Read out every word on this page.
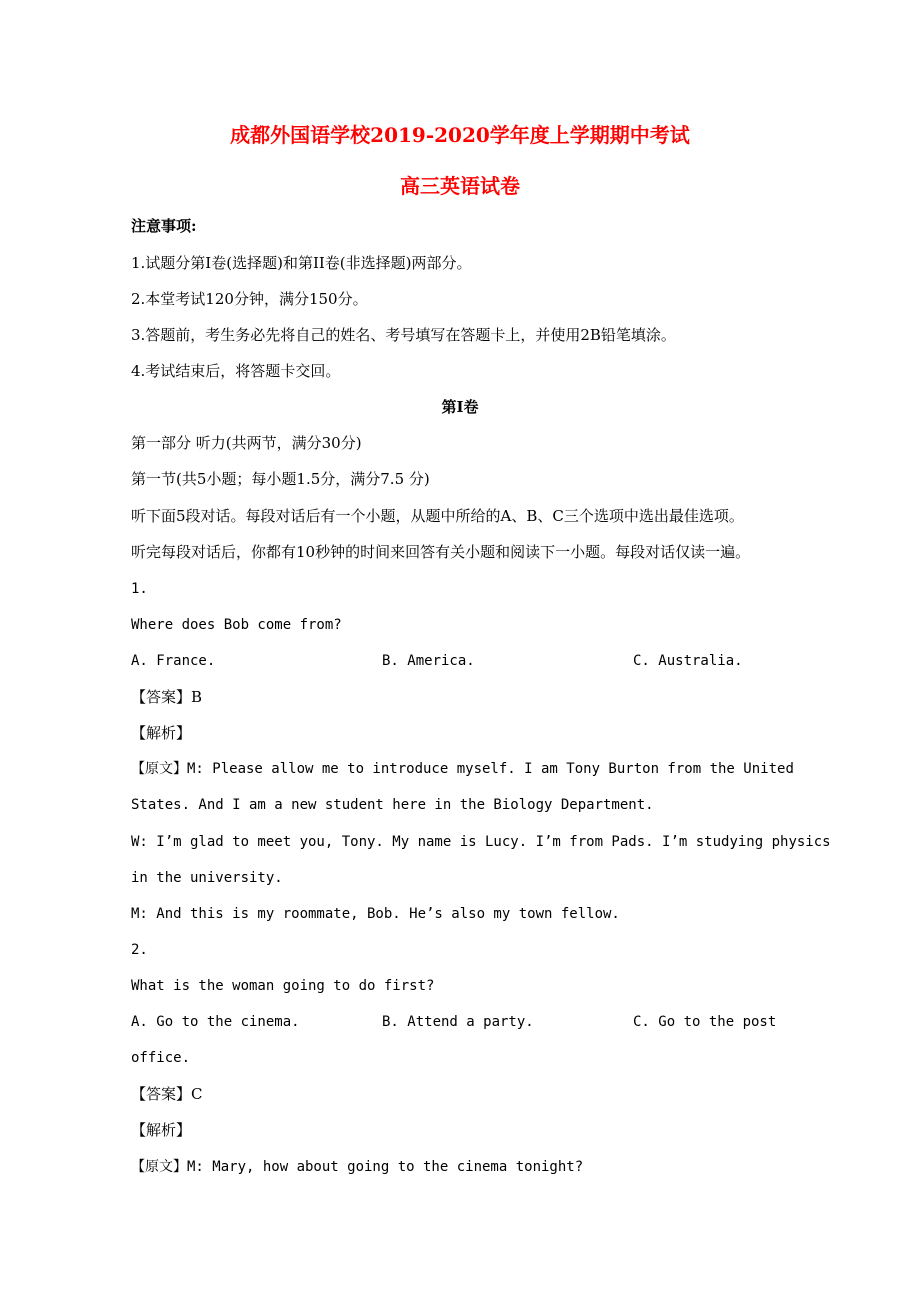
成都外国语学校2019-2020学年度上学期期中考试
高三英语试卷
注意事项:
1.试题分第I卷(选择题)和第II卷(非选择题)两部分。
2.本堂考试120分钟，满分150分。
3.答题前，考生务必先将自己的姓名、考号填写在答题卡上，并使用2B铅笔填涂。
4.考试结束后，将答题卡交回。
第I卷
第一部分 听力(共两节，满分30分)
第一节(共5小题；每小题1.5分，满分7.5 分)
听下面5段对话。每段对话后有一个小题，从题中所给的A、B、C三个选项中选出最佳选项。
听完每段对话后，你都有10秒钟的时间来回答有关小题和阅读下一小题。每段对话仅读一遍。
1.
Where does Bob come from?
A. France.	B. America.	C. Australia.
【答案】B
【解析】
【原文】M: Please allow me to introduce myself. I am Tony Burton from the United
States. And I am a new student here in the Biology Department.
W: I’m glad to meet you, Tony. My name is Lucy. I’m from Pads. I’m studying physics
in the university.
M: And this is my roommate, Bob. He’s also my town fellow.
2.
What is the woman going to do first?
A. Go to the cinema.	B. Attend a party.	C. Go to the post
office.
【答案】C
【解析】
【原文】M: Mary, how about going to the cinema tonight?
